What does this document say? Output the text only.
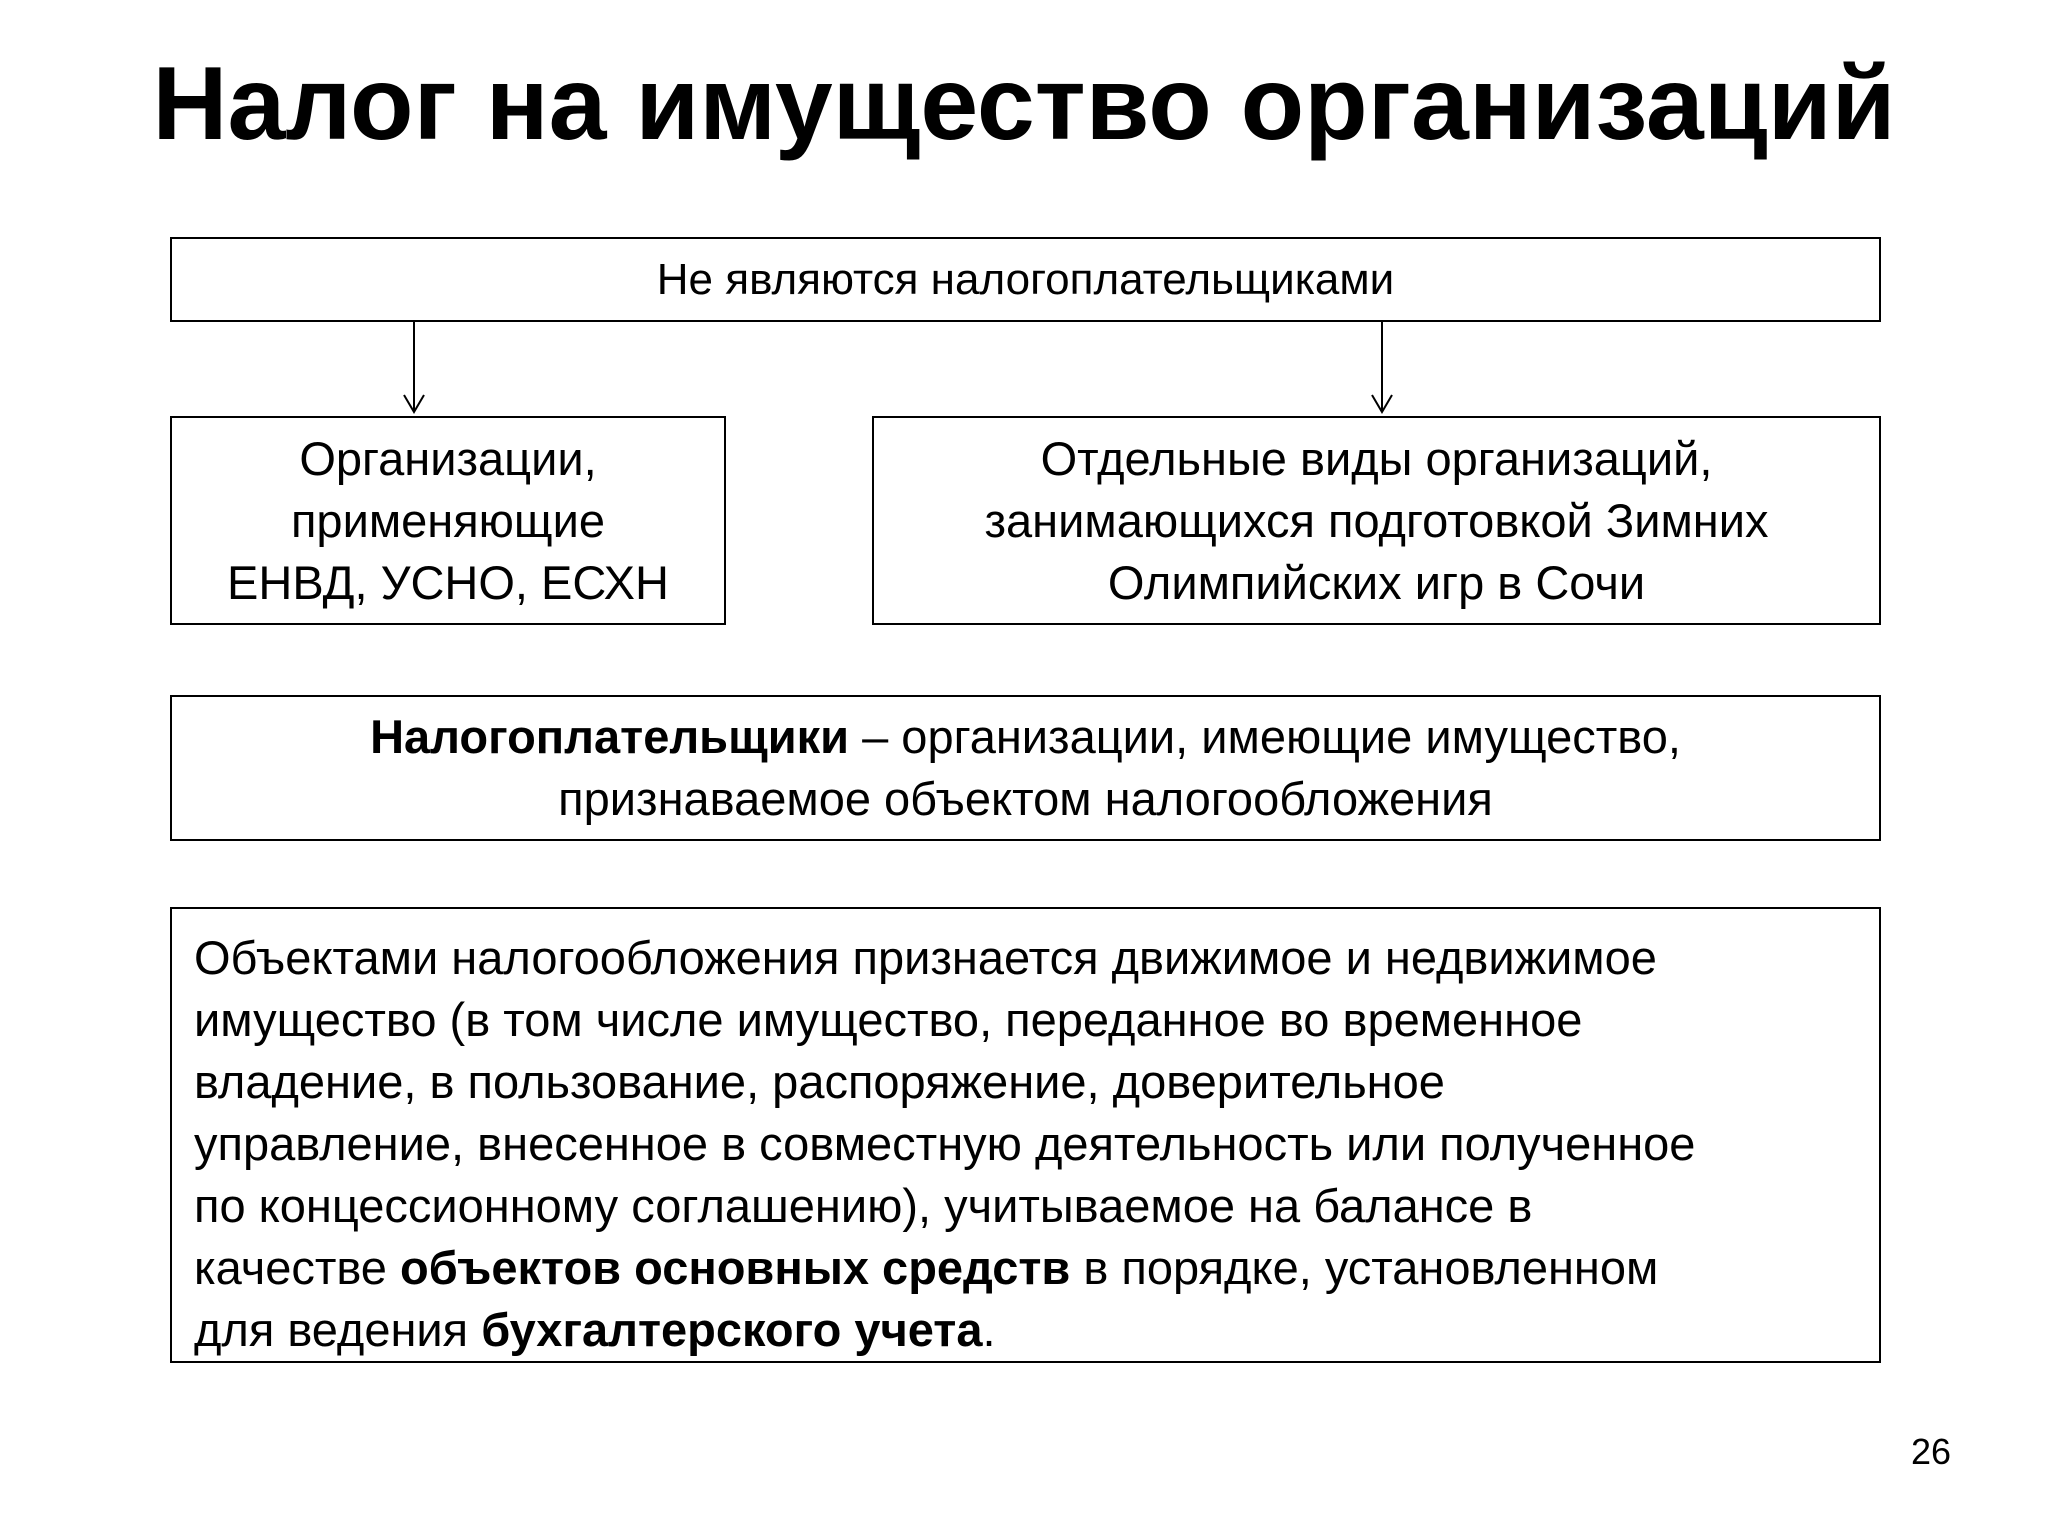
Налог на имущество организаций
Не являются налогоплательщиками
Организации,
применяющие
ЕНВД, УСНО, ЕСХН
Отдельные виды организаций,
занимающихся подготовкой Зимних
Олимпийских игр в Сочи
Налогоплательщики – организации, имеющие имущество,
признаваемое объектом налогообложения
Объектами налогообложения признается движимое и недвижимое
имущество (в том числе имущество, переданное во временное
владение, в пользование, распоряжение, доверительное
управление, внесенное в совместную деятельность или полученное
по концессионному соглашению), учитываемое на балансе в
качестве объектов основных средств в порядке, установленном
для ведения бухгалтерского учета.
26
